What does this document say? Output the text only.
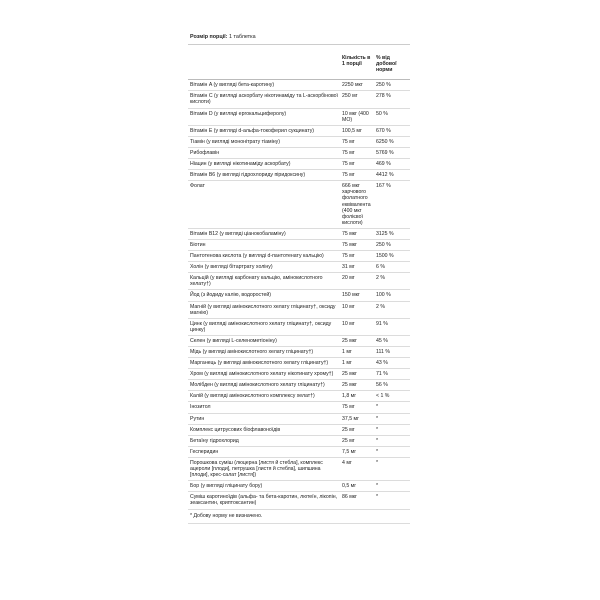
Розмір порції: 1 таблетка
	Кількість в 1 порції	% від добової норми
Вітамін A (у вигляді бета-каротину)	2250 мкг	250 %
Вітамін C (у вигляді аскорбату нікотинаміду та L-аскорбінової кислоти)	250 мг	278 %
Вітамін D (у вигляді ергокальциферолу)	10 мкг (400 МО)	50 %
Вітамін E (у вигляді d-альфа-токоферил сукцинату)	100,5 мг	670 %
Тіамін (у вигляді мононітрату тіаміну)	75 мг	6250 %
Рибофлавін	75 мг	5769 %
Ніацин (у вигляді нікотинаміду аскорбату)	75 мг	469 %
Вітамін B6 (у вигляді гідрохлориду піридоксину)	75 мг	4412 %
Фолат	666 мкг харчового фолатного еквівалента (400 мкг фолієвої кислоти)	167 %
Вітамін B12 (у вигляді ціанокобаламіну)	75 мкг	3125 %
Біотин	75 мкг	250 %
Пантотенова кислота (у вигляді d-пантотенату кальцію)	75 мг	1500 %
Холін (у вигляді бітартрату холіну)	31 мг	6 %
Кальцій (у вигляді карбонату кальцію, амінокислотного хелату†)	20 мг	2 %
Йод (з йодиду калію, водоростей)	150 мкг	100 %
Магній (у вигляді амінокислотного хелату гліцинату†, оксиду магнію)	10 мг	2 %
Цинк (у вигляді амінокислотного хелату гліцинату†, оксиду цинку)	10 мг	91 %
Селен (у вигляді L-селенометіоніну)	25 мкг	45 %
Мідь (у вигляді амінокислотного хелату гліцинату†)	1 мг	111 %
Марганець (у вигляді амінокислотного хелату гліцинату†)	1 мг	43 %
Хром (у вигляді амінокислотного хелату нікотинату хрому†)	25 мкг	71 %
Молібден (у вигляді амінокислотного хелату гліцинату†)	25 мкг	56 %
Калій (у вигляді амінокислотного комплексу хелат†)	1,8 мг	< 1 %
Інозитол	75 мг	*
Рутин	37,5 мг	*
Комплекс цитрусових біофлавоноїдів	25 мг	*
Бетаїну гідрохлорид	25 мг	*
Гесперидин	7,5 мг	*
Порошкова суміш (люцерна [листя й стебла], комплекс ацероли [плоди], петрушка [листя й стебла], шипшина [плоди], крес-салат [листя])	4 мг	*
Бор (у вигляді гліцинату бору)	0,5 мг	*
Суміш каротиноїдів (альфа- та бета-каротин, лютеїн, лікопін, зеаксантин, криптоксантин)	86 мкг	*
* Добову норму не визначено.
